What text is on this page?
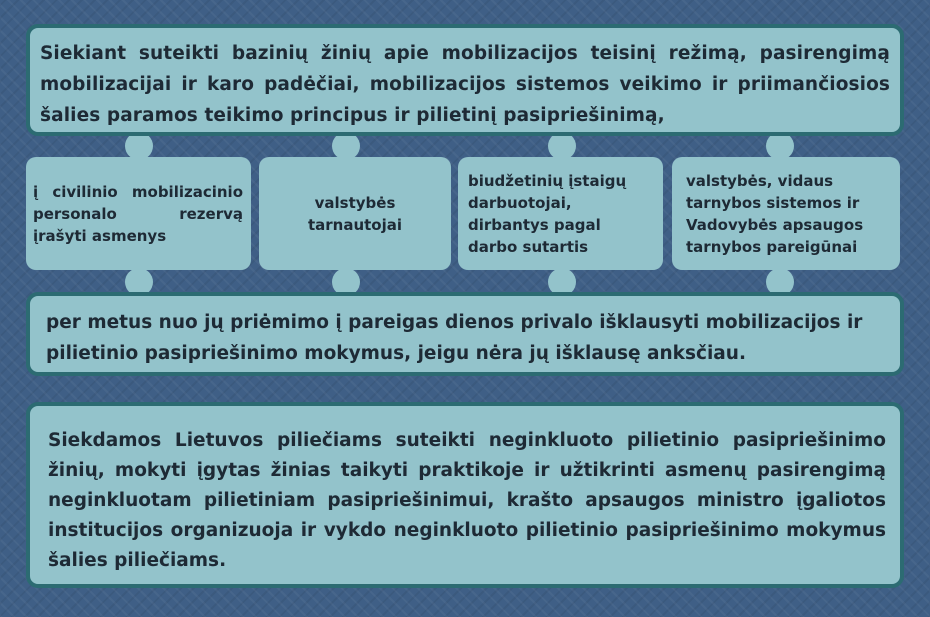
Siekiant suteikti bazinių žinių apie mobilizacijos teisinį režimą, pasirengimą mobilizacijai ir karo padėčiai, mobilizacijos sistemos veikimo ir priimančiosios šalies paramos teikimo principus ir pilietinį pasipriešinimą,
į civilinio mobilizacinio personalo rezervą įrašyti asmenys
valstybės tarnautojai
biudžetinių įstaigų darbuotojai, dirbantys pagal darbo sutartis
valstybės, vidaus tarnybos sistemos ir Vadovybės apsaugos tarnybos pareigūnai
per metus nuo jų priėmimo į pareigas dienos privalo išklausyti mobilizacijos ir pilietinio pasipriešinimo mokymus, jeigu nėra jų išklausę anksčiau.
Siekdamos Lietuvos piliečiams suteikti neginkluoto pilietinio pasipriešinimo žinių, mokyti įgytas žinias taikyti praktikoje ir užtikrinti asmenų pasirengimą neginkluotam pilietiniam pasipriešinimui, krašto apsaugos ministro įgaliotos institucijos organizuoja ir vykdo neginkluoto pilietinio pasipriešinimo mokymus šalies piliečiams.
